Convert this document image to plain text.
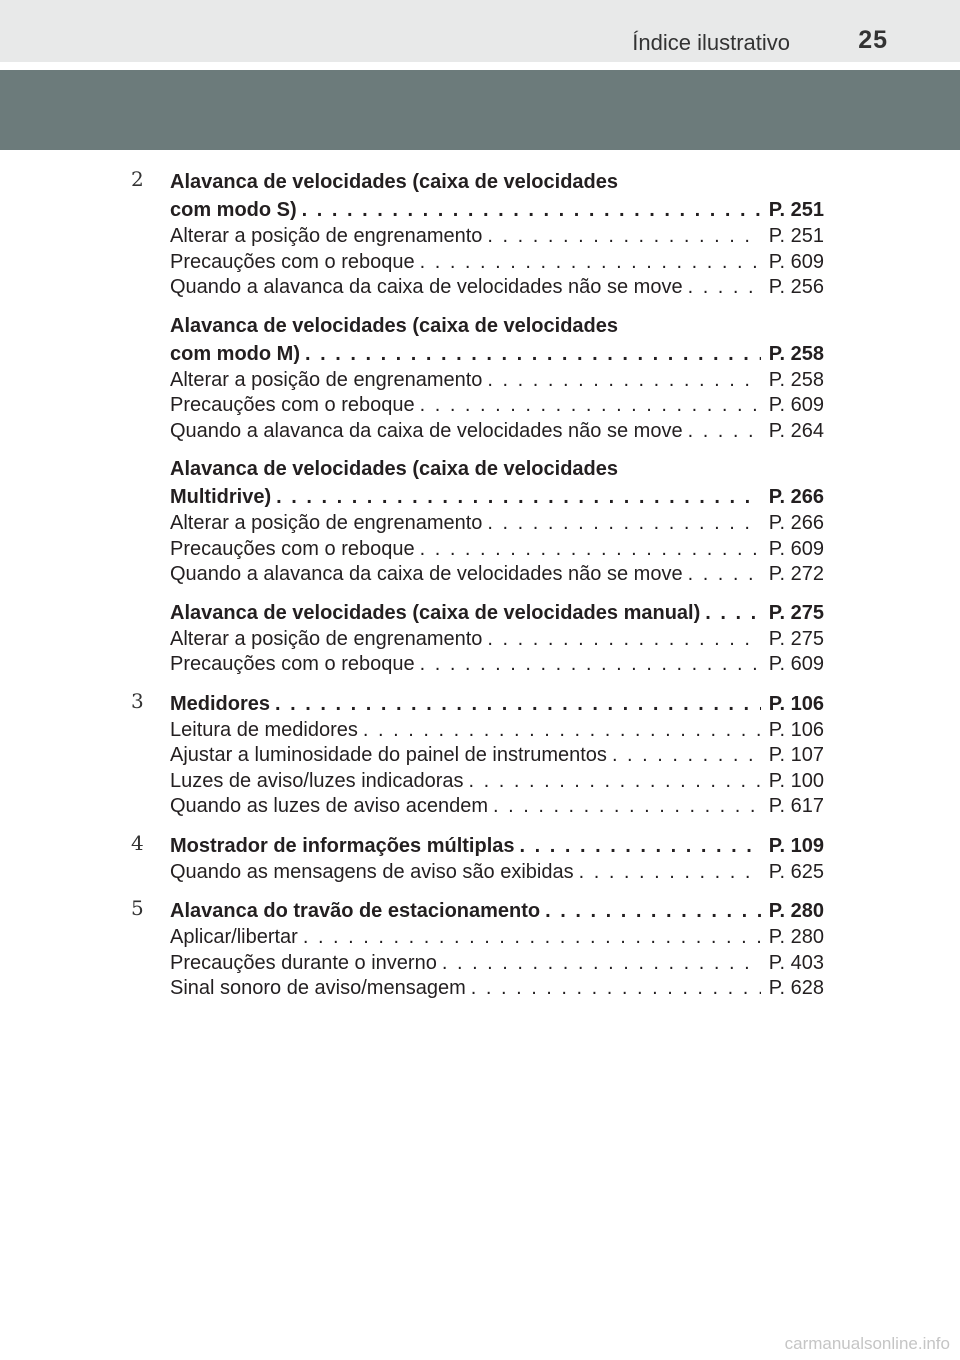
Índice ilustrativo	25
2 Alavanca de velocidades (caixa de velocidades
com modo S) . . .	P. 251
Alterar a posição de engrenamento . . .	P. 251
Precauções com o reboque . . .	P. 609
Quando a alavanca da caixa de velocidades não se move . . .	P. 256
Alavanca de velocidades (caixa de velocidades
com modo M) . . .	P. 258
Alterar a posição de engrenamento . . .	P. 258
Precauções com o reboque . . .	P. 609
Quando a alavanca da caixa de velocidades não se move . . .	P. 264
Alavanca de velocidades (caixa de velocidades
Multidrive) . . .	P. 266
Alterar a posição de engrenamento . . .	P. 266
Precauções com o reboque . . .	P. 609
Quando a alavanca da caixa de velocidades não se move . . .	P. 272
Alavanca de velocidades (caixa de velocidades manual) . . .	P. 275
Alterar a posição de engrenamento . . .	P. 275
Precauções com o reboque . . .	P. 609
3 Medidores . . .	P. 106
Leitura de medidores . . .	P. 106
Ajustar a luminosidade do painel de instrumentos . . .	P. 107
Luzes de aviso/luzes indicadoras . . .	P. 100
Quando as luzes de aviso acendem . . .	P. 617
4 Mostrador de informações múltiplas . . .	P. 109
Quando as mensagens de aviso são exibidas . . .	P. 625
5 Alavanca do travão de estacionamento . . .	P. 280
Aplicar/libertar . . .	P. 280
Precauções durante o inverno . . .	P. 403
Sinal sonoro de aviso/mensagem . . .	P. 628
carmanualsonline.info
